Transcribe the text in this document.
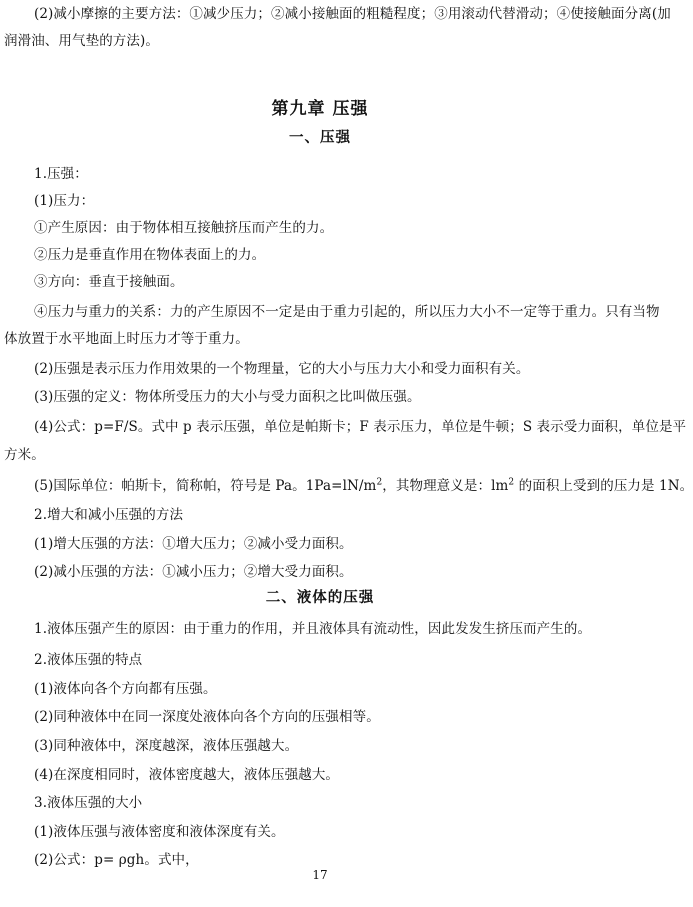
(2)减小摩擦的主要方法：①减少压力；②减小接触面的粗糙程度；③用滚动代替滑动；④使接触面分离(加
润滑油、用气垫的方法)。
第九章 压强
一、压强
1.压强：
(1)压力：
①产生原因：由于物体相互接触挤压而产生的力。
②压力是垂直作用在物体表面上的力。
③方向：垂直于接触面。
④压力与重力的关系：力的产生原因不一定是由于重力引起的，所以压力大小不一定等于重力。只有当物
体放置于水平地面上时压力才等于重力。
(2)压强是表示压力作用效果的一个物理量，它的大小与压力大小和受力面积有关。
(3)压强的定义：物体所受压力的大小与受力面积之比叫做压强。
(4)公式：p=F/S。式中 p 表示压强，单位是帕斯卡；F 表示压力，单位是牛顿；S 表示受力面积，单位是平
方米。
(5)国际单位：帕斯卡，简称帕，符号是 Pa。$1Pa=lN/m^2$，其物理意义是：$lm^2$ 的面积上受到的压力是 1N。
2.增大和减小压强的方法
(1)增大压强的方法：①增大压力；②减小受力面积。
(2)减小压强的方法：①减小压力；②增大受力面积。
二、液体的压强
1.液体压强产生的原因：由于重力的作用，并且液体具有流动性，因此发发生挤压而产生的。
2.液体压强的特点
(1)液体向各个方向都有压强。
(2)同种液体中在同一深度处液体向各个方向的压强相等。
(3)同种液体中，深度越深，液体压强越大。
(4)在深度相同时，液体密度越大，液体压强越大。
3.液体压强的大小
(1)液体压强与液体密度和液体深度有关。
(2)公式：p= ρgh。式中，
17
